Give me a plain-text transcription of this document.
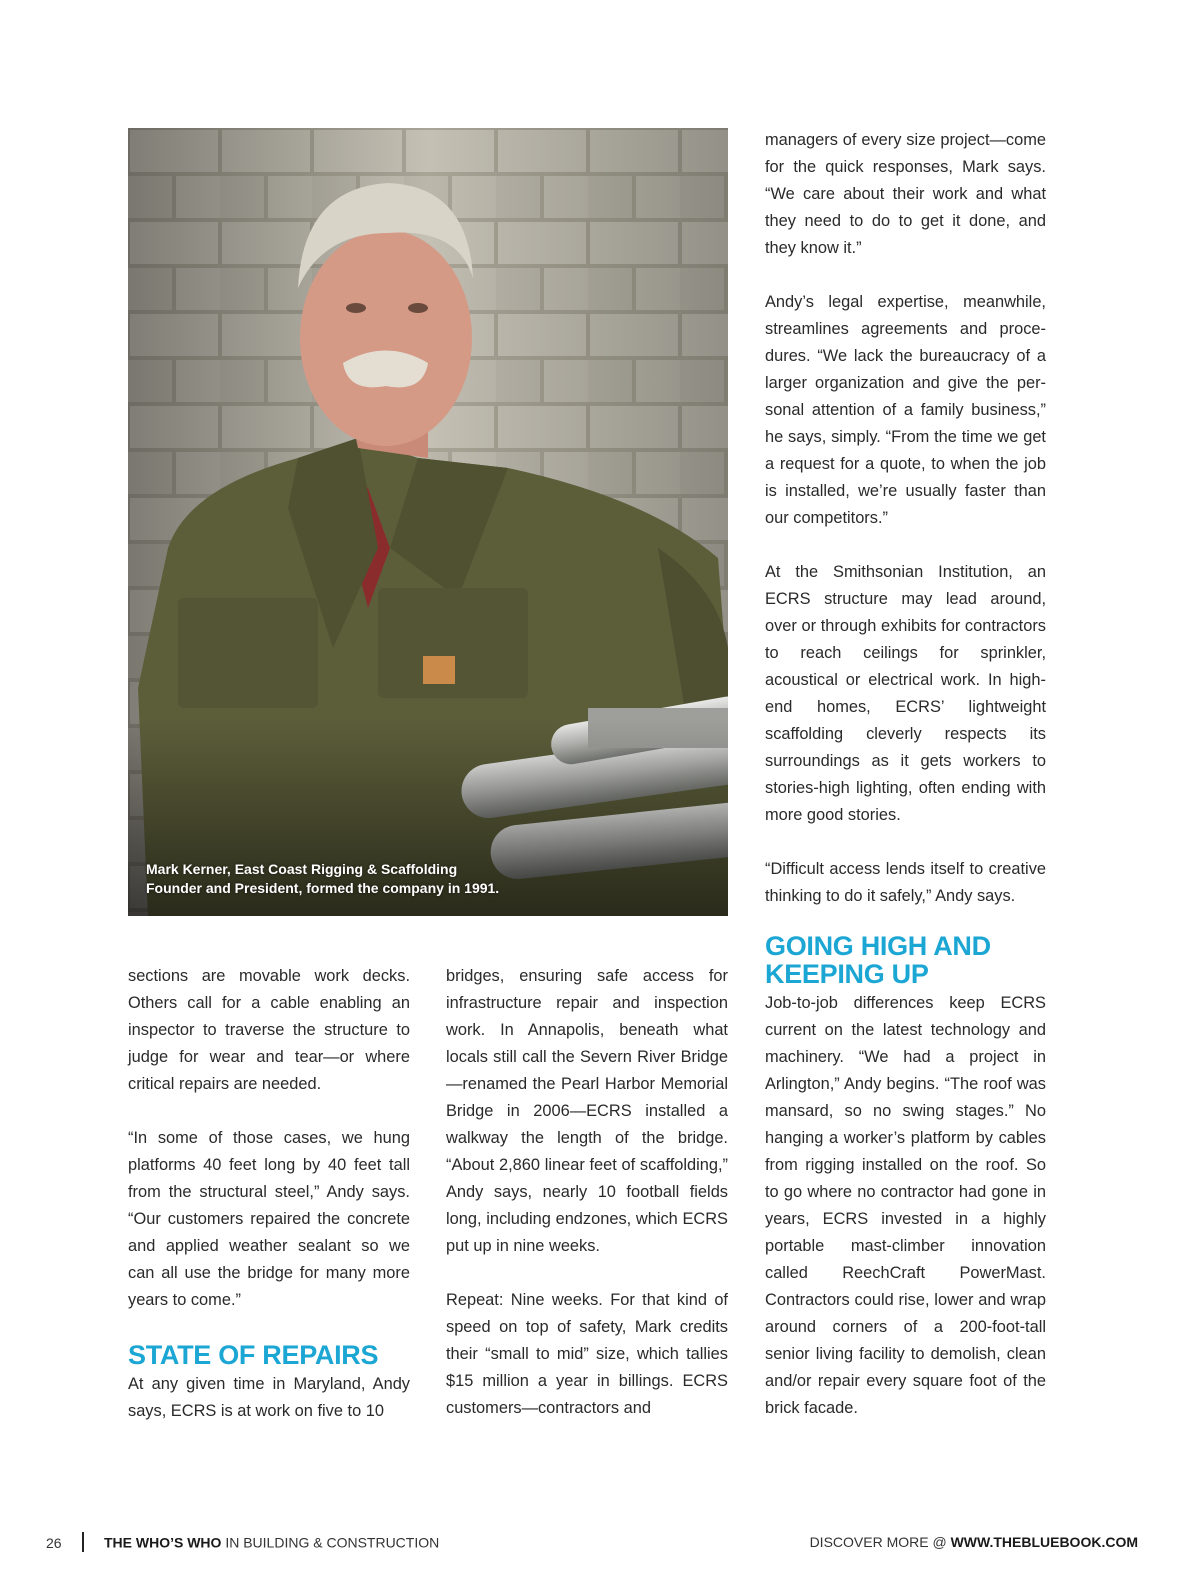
Mark Kerner, East Coast Rigging & Scaffolding
Founder and President, formed the company in 1991.

sections are movable work decks. Others call for a cable enabling an inspector to traverse the structure to judge for wear and tear—or where critical repairs are needed.

“In some of those cases, we hung platforms 40 feet long by 40 feet tall from the structural steel,” Andy says. “Our customers repaired the concrete and applied weather sealant so we can all use the bridge for many more years to come.”

STATE OF REPAIRS

At any given time in Maryland, Andy says, ECRS is at work on five to 10

bridges, ensuring safe access for infrastructure repair and inspection work. In Annapolis, beneath what locals still call the Severn River Bridge—renamed the Pearl Harbor Memorial Bridge in 2006—ECRS installed a walkway the length of the bridge. “About 2,860 linear feet of scaffolding,” Andy says, nearly 10 football fields long, including endzones, which ECRS put up in nine weeks.

Repeat: Nine weeks. For that kind of speed on top of safety, Mark credits their “small to mid” size, which tallies $15 million a year in billings. ECRS customers—contractors and

managers of every size project—come for the quick responses, Mark says. “We care about their work and what they need to do to get it done, and they know it.”

Andy’s legal expertise, meanwhile, streamlines agreements and procedures. “We lack the bureaucracy of a larger organization and give the personal attention of a family business,” he says, simply. “From the time we get a request for a quote, to when the job is installed, we’re usually faster than our competitors.”

At the Smithsonian Institution, an ECRS structure may lead around, over or through exhibits for contractors to reach ceilings for sprinkler, acoustical or electrical work. In high-end homes, ECRS’ lightweight scaffolding cleverly respects its surroundings as it gets workers to stories-high lighting, often ending with more good stories.

“Difficult access lends itself to creative thinking to do it safely,” Andy says.

GOING HIGH AND KEEPING UP

Job-to-job differences keep ECRS current on the latest technology and machinery. “We had a project in Arlington,” Andy begins. “The roof was mansard, so no swing stages.” No hanging a worker’s platform by cables from rigging installed on the roof. So to go where no contractor had gone in years, ECRS invested in a highly portable mast-climber innovation called ReechCraft PowerMast. Contractors could rise, lower and wrap around corners of a 200-foot-tall senior living facility to demolish, clean and/or repair every square foot of the brick facade.

26	THE WHO’S WHO IN BUILDING & CONSTRUCTION	DISCOVER MORE @ WWW.THEBLUEBOOK.COM
